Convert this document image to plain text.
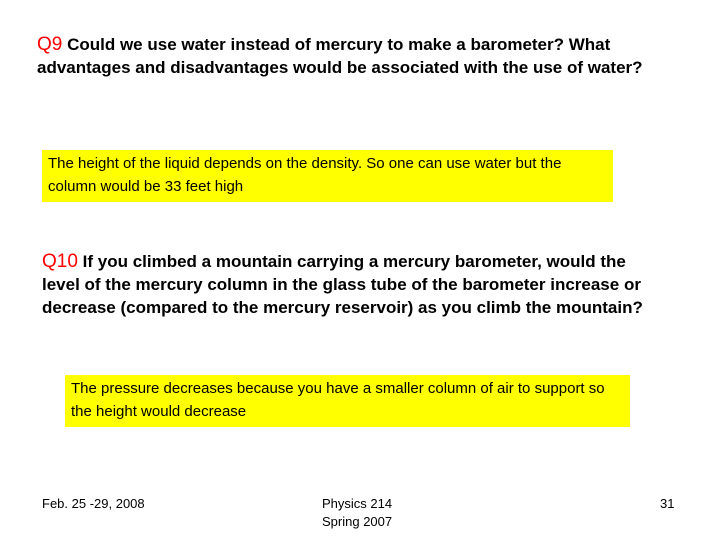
Q9 Could we use water instead of mercury to make a barometer? What advantages and disadvantages would be associated with the use of water?
The height of the liquid depends on the density. So one can use water but the column would be 33 feet high
Q10 If you climbed a mountain carrying a mercury barometer, would the level of the mercury column in the glass tube of the barometer increase or decrease (compared to the mercury reservoir) as you climb the mountain?
The pressure decreases because you have a smaller column of air to support so the height would decrease
Feb. 25 -29, 2008	Physics 214
Spring 2007
31
